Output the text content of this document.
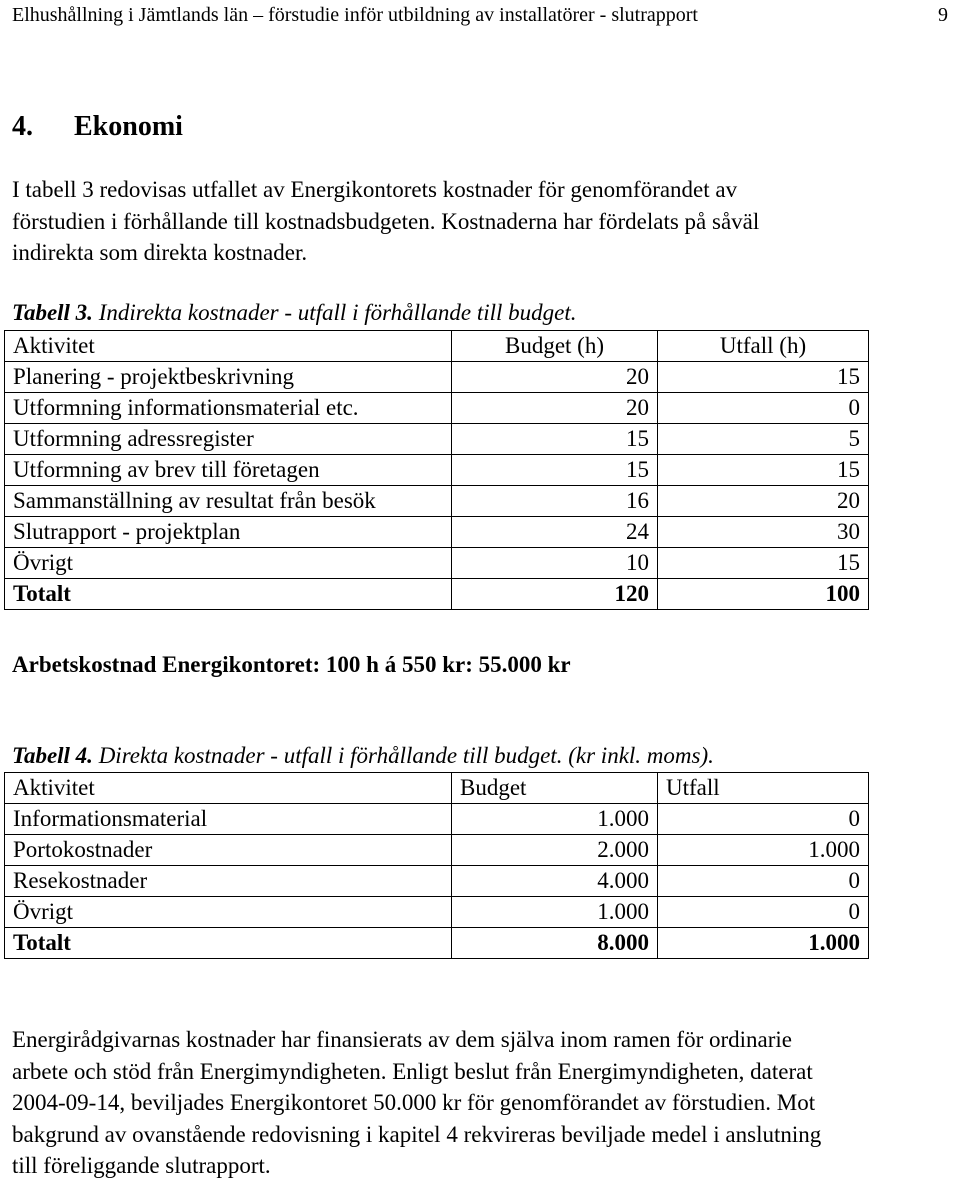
Elhushållning i Jämtlands län – förstudie inför utbildning av installatörer - slutrapport	9
4. Ekonomi
I tabell 3 redovisas utfallet av Energikontorets kostnader för genomförandet av
förstudien i förhållande till kostnadsbudgeten. Kostnaderna har fördelats på såväl
indirekta som direkta kostnader.
Tabell 3. Indirekta kostnader - utfall i förhållande till budget.
Aktivitet	Budget (h)	Utfall (h)
Planering - projektbeskrivning	20	15
Utformning informationsmaterial etc.	20	0
Utformning adressregister	15	5
Utformning av brev till företagen	15	15
Sammanställning av resultat från besök	16	20
Slutrapport - projektplan	24	30
Övrigt	10	15
Totalt	120	100
Arbetskostnad Energikontoret: 100 h á 550 kr: 55.000 kr
Tabell 4. Direkta kostnader - utfall i förhållande till budget. (kr inkl. moms).
Aktivitet	Budget	Utfall
Informationsmaterial	1.000	0
Portokostnader	2.000	1.000
Resekostnader	4.000	0
Övrigt	1.000	0
Totalt	8.000	1.000
Energirådgivarnas kostnader har finansierats av dem själva inom ramen för ordinarie
arbete och stöd från Energimyndigheten. Enligt beslut från Energimyndigheten, daterat
2004-09-14, beviljades Energikontoret 50.000 kr för genomförandet av förstudien. Mot
bakgrund av ovanstående redovisning i kapitel 4 rekvireras beviljade medel i anslutning
till föreliggande slutrapport.
